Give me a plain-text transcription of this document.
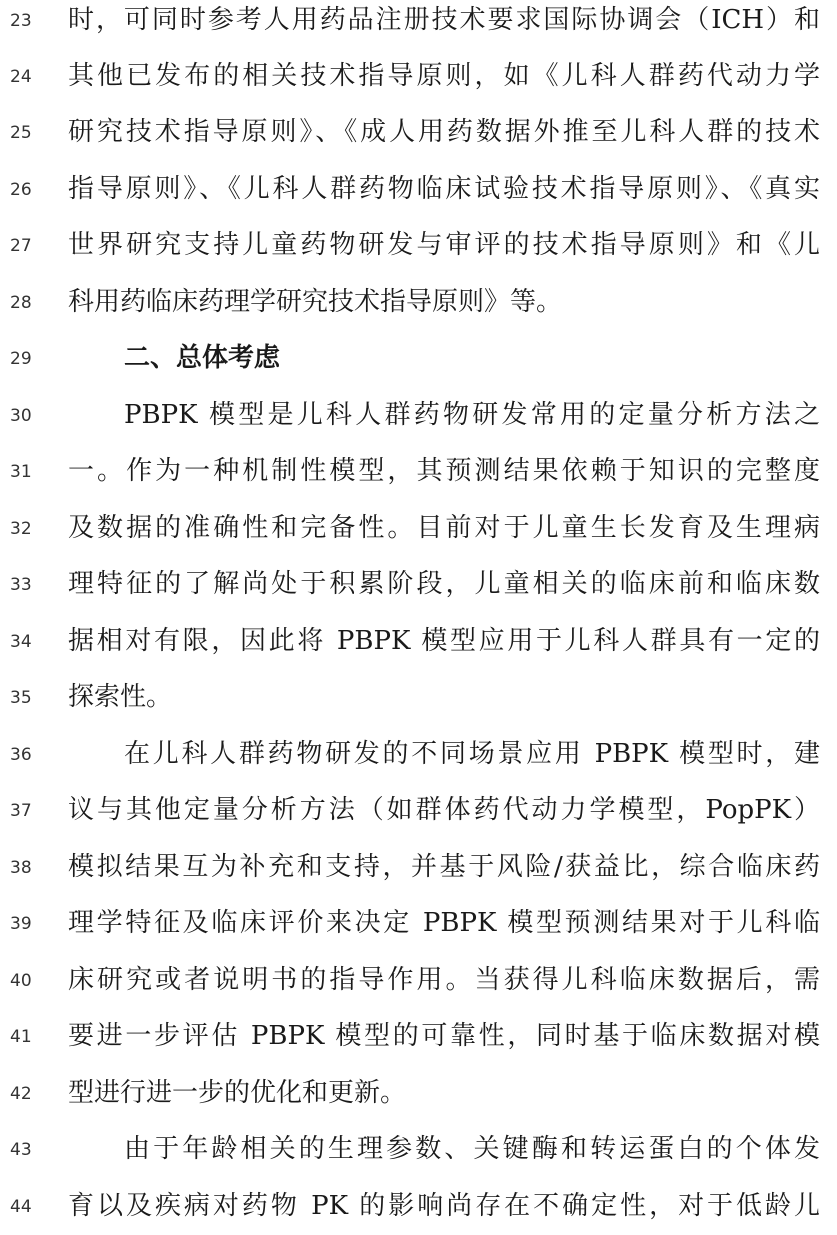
23	时，可同时参考人用药品注册技术要求国际协调会（ICH）和
24	其他已发布的相关技术指导原则，如《儿科人群药代动力学
25	研究技术指导原则》、《成人用药数据外推至儿科人群的技术
26	指导原则》、《儿科人群药物临床试验技术指导原则》、《真实
27	世界研究支持儿童药物研发与审评的技术指导原则》和《儿
28	科用药临床药理学研究技术指导原则》等。
29	二、总体考虑
30	PBPK 模型是儿科人群药物研发常用的定量分析方法之
31	一。作为一种机制性模型，其预测结果依赖于知识的完整度
32	及数据的准确性和完备性。目前对于儿童生长发育及生理病
33	理特征的了解尚处于积累阶段，儿童相关的临床前和临床数
34	据相对有限，因此将 PBPK 模型应用于儿科人群具有一定的
35	探索性。
36	在儿科人群药物研发的不同场景应用 PBPK 模型时，建
37	议与其他定量分析方法（如群体药代动力学模型，PopPK）
38	模拟结果互为补充和支持，并基于风险/获益比，综合临床药
39	理学特征及临床评价来决定 PBPK 模型预测结果对于儿科临
40	床研究或者说明书的指导作用。当获得儿科临床数据后，需
41	要进一步评估 PBPK 模型的可靠性，同时基于临床数据对模
42	型进行进一步的优化和更新。
43	由于年龄相关的生理参数、关键酶和转运蛋白的个体发
44	育以及疾病对药物 PK 的影响尚存在不确定性，对于低龄儿
